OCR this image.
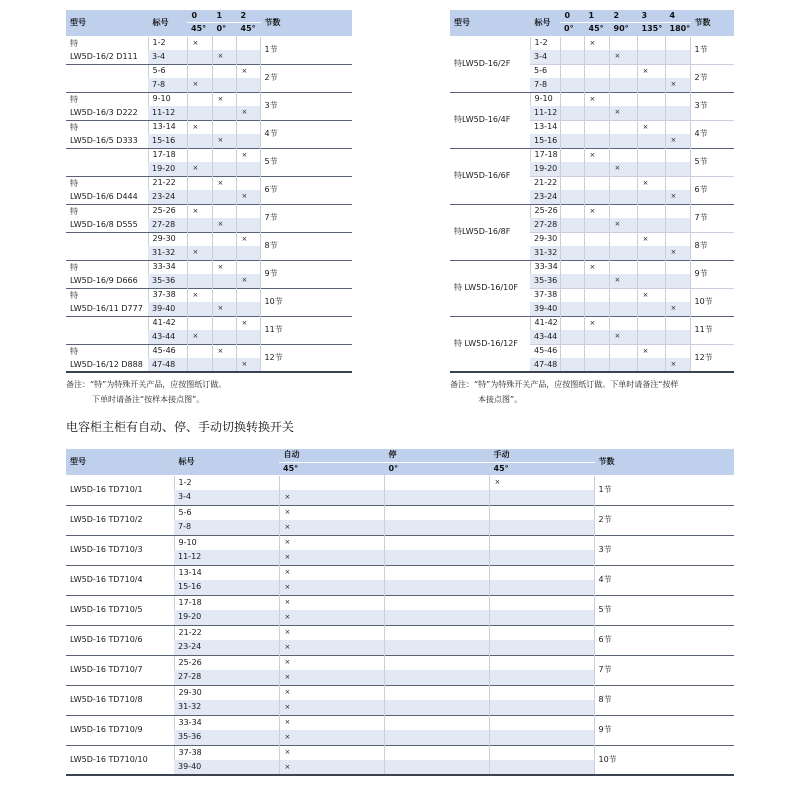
型号	标号	0	1	2	节数
		45°	0°	45°	

特
LW5D-16/2 D111	1-2	×			1节
	3-4		×		
	5-6			×	2节
	7-8	×			

特
LW5D-16/3 D222	9-10		×		3节
	11-12			×	

特
LW5D-16/5 D333	13-14	×			4节
	15-16		×		
	17-18			×	5节
	19-20	×			

特
LW5D-16/6 D444	21-22		×		6节
	23-24			×	

特
LW5D-16/8 D555	25-26	×			7节
	27-28		×		
	29-30			×	8节
	31-32	×			

特
LW5D-16/9 D666	33-34		×		9节
	35-36			×	

特
LW5D-16/11 D777	37-38	×			10节
	39-40		×		
	41-42			×	11节
	43-44	×			

特
LW5D-16/12 D888	45-46		×		12节
	47-48			×	
备注：“特”为特殊开关产品，应按图纸订做。
下单时请备注“按样本接点图”。
型号	标号	0	1	2	3	4	节数
		0°	45°	90°	135°	180°	
特LW5D-16/2F	1-2		×				1节
	3-4			×			
	5-6				×		2节
	7-8					×	
特LW5D-16/4F	9-10		×				3节
	11-12			×			
	13-14				×		4节
	15-16					×	
特LW5D-16/6F	17-18		×				5节
	19-20			×			
	21-22				×		6节
	23-24					×	
特LW5D-16/8F	25-26		×				7节
	27-28			×			
	29-30				×		8节
	31-32					×	
特 LW5D-16/10F	33-34		×				9节
	35-36			×			
	37-38				×		10节
	39-40					×	
特 LW5D-16/12F	41-42		×				11节
	43-44			×			
	45-46				×		12节
	47-48					×	
备注：“特”为特殊开关产品，应按图纸订做。下单时请备注“按样
本接点图”。
电容柜主柜有自动、停、手动切换转换开关
型号	标号	自动	停	手动	节数
		45°	0°	45°	
LW5D-16 TD710/1	1-2			×	1节
	3-4	×			
LW5D-16 TD710/2	5-6	×			2节
	7-8	×			
LW5D-16 TD710/3	9-10	×			3节
	11-12	×			
LW5D-16 TD710/4	13-14	×			4节
	15-16	×			
LW5D-16 TD710/5	17-18	×			5节
	19-20	×			
LW5D-16 TD710/6	21-22	×			6节
	23-24	×			
LW5D-16 TD710/7	25-26	×			7节
	27-28	×			
LW5D-16 TD710/8	29-30	×			8节
	31-32	×			
LW5D-16 TD710/9	33-34	×			9节
	35-36	×			
LW5D-16 TD710/10	37-38	×			10节
	39-40	×			
